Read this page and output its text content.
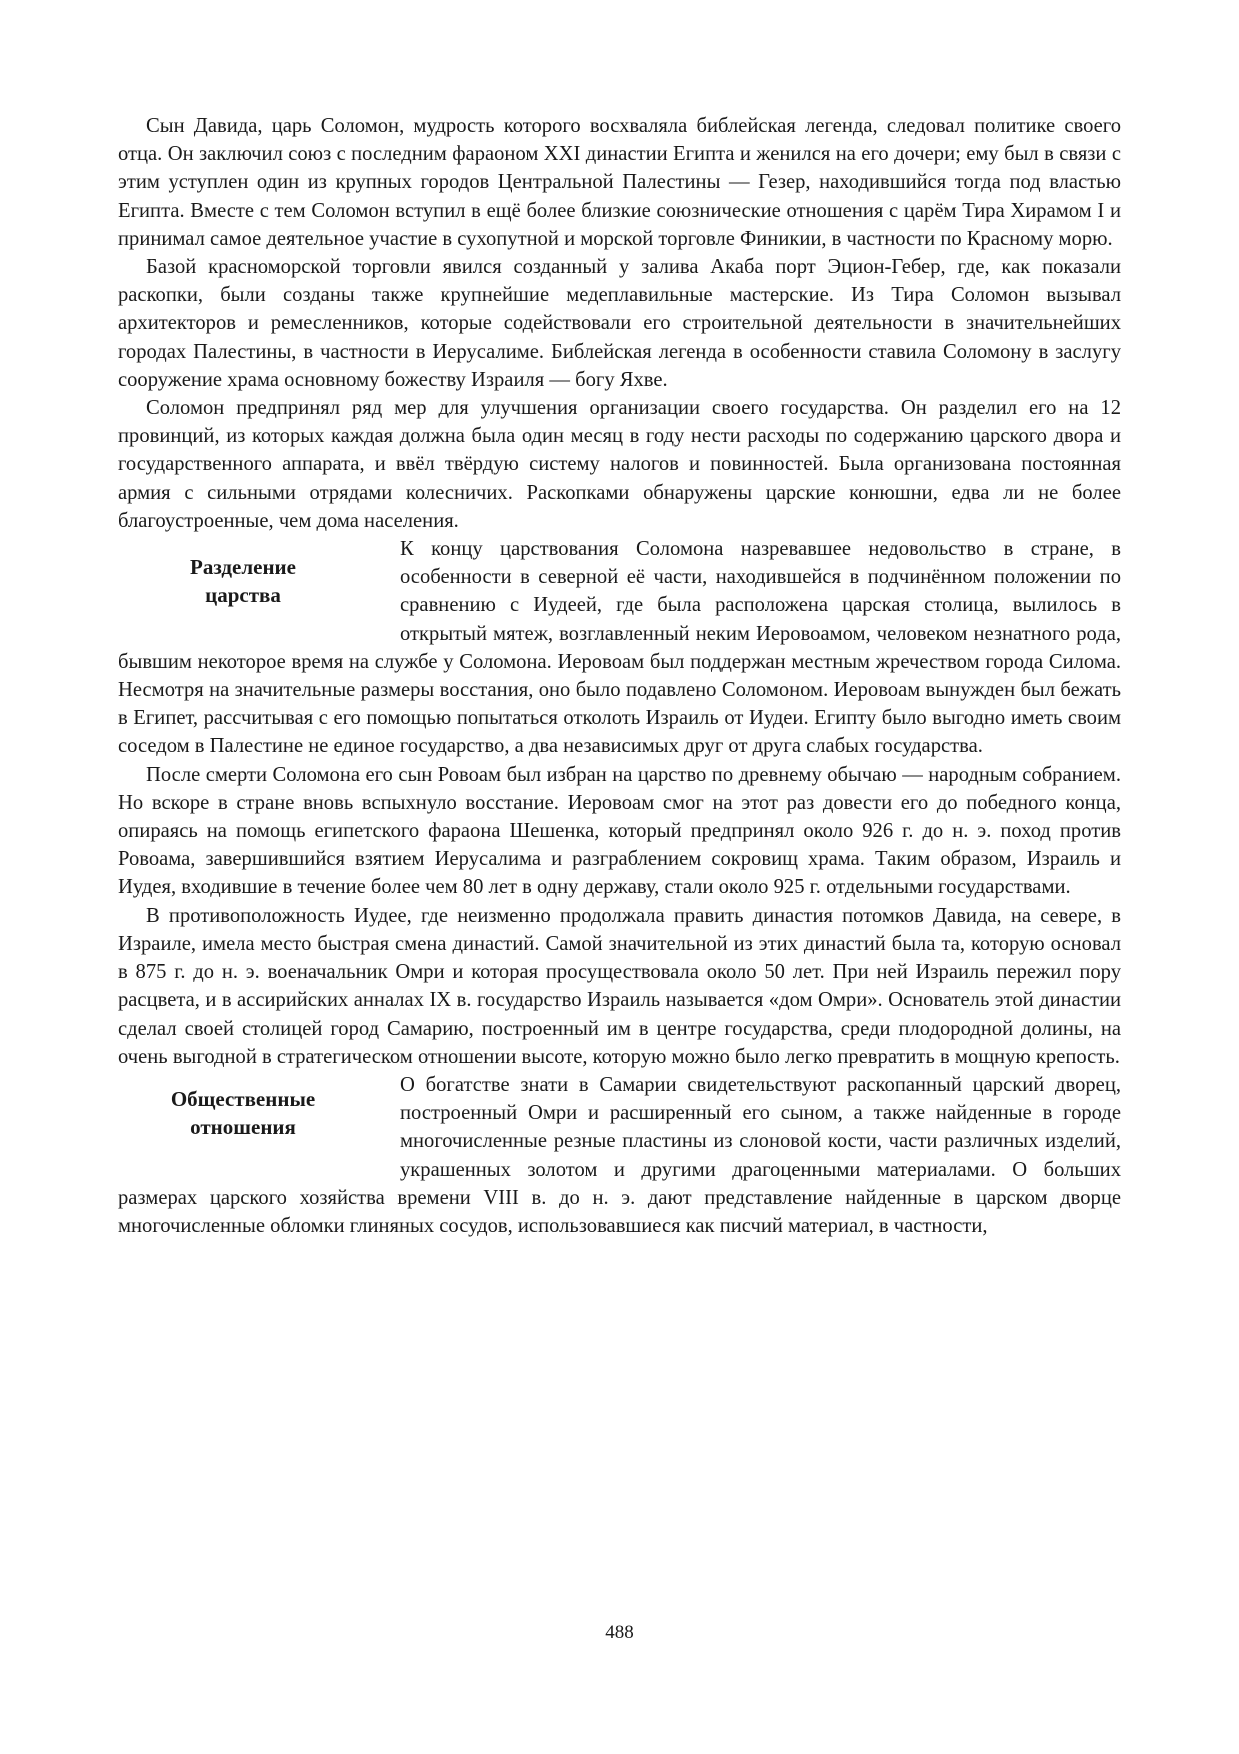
Сын Давида, царь Соломон, мудрость которого восхваляла библейская легенда, следовал политике своего отца. Он заключил союз с последним фараоном XXI династии Египта и женился на его дочери; ему был в связи с этим уступлен один из крупных городов Центральной Палестины — Гезер, находившийся тогда под властью Египта. Вместе с тем Соломон вступил в ещё более близкие союзнические отношения с царём Тира Хирамом I и принимал самое деятельное участие в сухопутной и морской торговле Финикии, в частности по Красному морю.

Базой красноморской торговли явился созданный у залива Акаба порт Эцион-Гебер, где, как показали раскопки, были созданы также крупнейшие медеплавильные мастерские. Из Тира Соломон вызывал архитекторов и ремесленников, которые содействовали его строительной деятельности в значительнейших городах Палестины, в частности в Иерусалиме. Библейская легенда в особенности ставила Соломону в заслугу сооружение храма основному божеству Израиля — богу Яхве.

Соломон предпринял ряд мер для улучшения организации своего государства. Он разделил его на 12 провинций, из которых каждая должна была один месяц в году нести расходы по содержанию царского двора и государственного аппарата, и ввёл твёрдую систему налогов и повинностей. Была организована постоянная армия с сильными отрядами колесничих. Раскопками обнаружены царские конюшни, едва ли не более благоустроенные, чем дома населения.

Разделение
царства

К концу царствования Соломона назревавшее недовольство в стране, в особенности в северной её части, находившейся в подчинённом положении по сравнению с Иудеей, где была расположена царская столица, вылилось в открытый мятеж, возглавленный неким Иеровоамом, человеком незнатного рода, бывшим некоторое время на службе у Соломона. Иеровоам был поддержан местным жречеством города Силома. Несмотря на значительные размеры восстания, оно было подавлено Соломоном. Иеровоам вынужден был бежать в Египет, рассчитывая с его помощью попытаться отколоть Израиль от Иудеи. Египту было выгодно иметь своим соседом в Палестине не единое государство, а два независимых друг от друга слабых государства.

После смерти Соломона его сын Ровоам был избран на царство по древнему обычаю — народным собранием. Но вскоре в стране вновь вспыхнуло восстание. Иеровоам смог на этот раз довести его до победного конца, опираясь на помощь египетского фараона Шешенка, который предпринял около 926 г. до н. э. поход против Ровоама, завершившийся взятием Иерусалима и разграблением сокровищ храма. Таким образом, Израиль и Иудея, входившие в течение более чем 80 лет в одну державу, стали около 925 г. отдельными государствами.

В противоположность Иудее, где неизменно продолжала править династия потомков Давида, на севере, в Израиле, имела место быстрая смена династий. Самой значительной из этих династий была та, которую основал в 875 г. до н. э. военачальник Омри и которая просуществовала около 50 лет. При ней Израиль пережил пору расцвета, и в ассирийских анналах IX в. государство Израиль называется «дом Омри». Основатель этой династии сделал своей столицей город Самарию, построенный им в центре государства, среди плодородной долины, на очень выгодной в стратегическом отношении высоте, которую можно было легко превратить в мощную крепость.

Общественные
отношения

О богатстве знати в Самарии свидетельствуют раскопанный царский дворец, построенный Омри и расширенный его сыном, а также найденные в городе многочисленные резные пластины из слоновой кости, части различных изделий, украшенных золотом и другими драгоценными материалами. О больших размерах царского хозяйства времени VIII в. до н. э. дают представление найденные в царском дворце многочисленные обломки глиняных сосудов, использовавшиеся как писчий материал, в частности,

488
